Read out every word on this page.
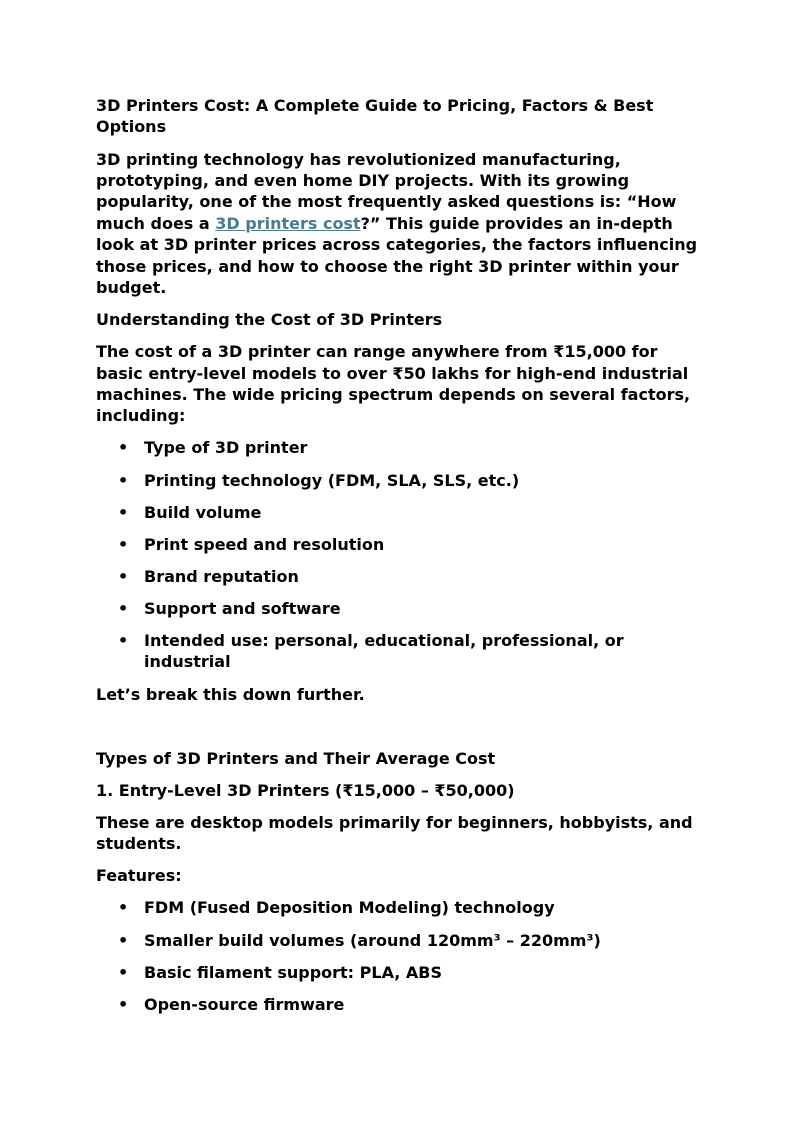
3D Printers Cost: A Complete Guide to Pricing, Factors & Best Options

3D printing technology has revolutionized manufacturing, prototyping, and even home DIY projects. With its growing popularity, one of the most frequently asked questions is: “How much does a 3D printers cost?” This guide provides an in-depth look at 3D printer prices across categories, the factors influencing those prices, and how to choose the right 3D printer within your budget.

Understanding the Cost of 3D Printers

The cost of a 3D printer can range anywhere from ₹15,000 for basic entry-level models to over ₹50 lakhs for high-end industrial machines. The wide pricing spectrum depends on several factors, including:

• Type of 3D printer
• Printing technology (FDM, SLA, SLS, etc.)
• Build volume
• Print speed and resolution
• Brand reputation
• Support and software
• Intended use: personal, educational, professional, or industrial

Let’s break this down further.

Types of 3D Printers and Their Average Cost
1. Entry-Level 3D Printers (₹15,000 – ₹50,000)

These are desktop models primarily for beginners, hobbyists, and students.

Features:

• FDM (Fused Deposition Modeling) technology
• Smaller build volumes (around 120mm³ – 220mm³)
• Basic filament support: PLA, ABS
• Open-source firmware
